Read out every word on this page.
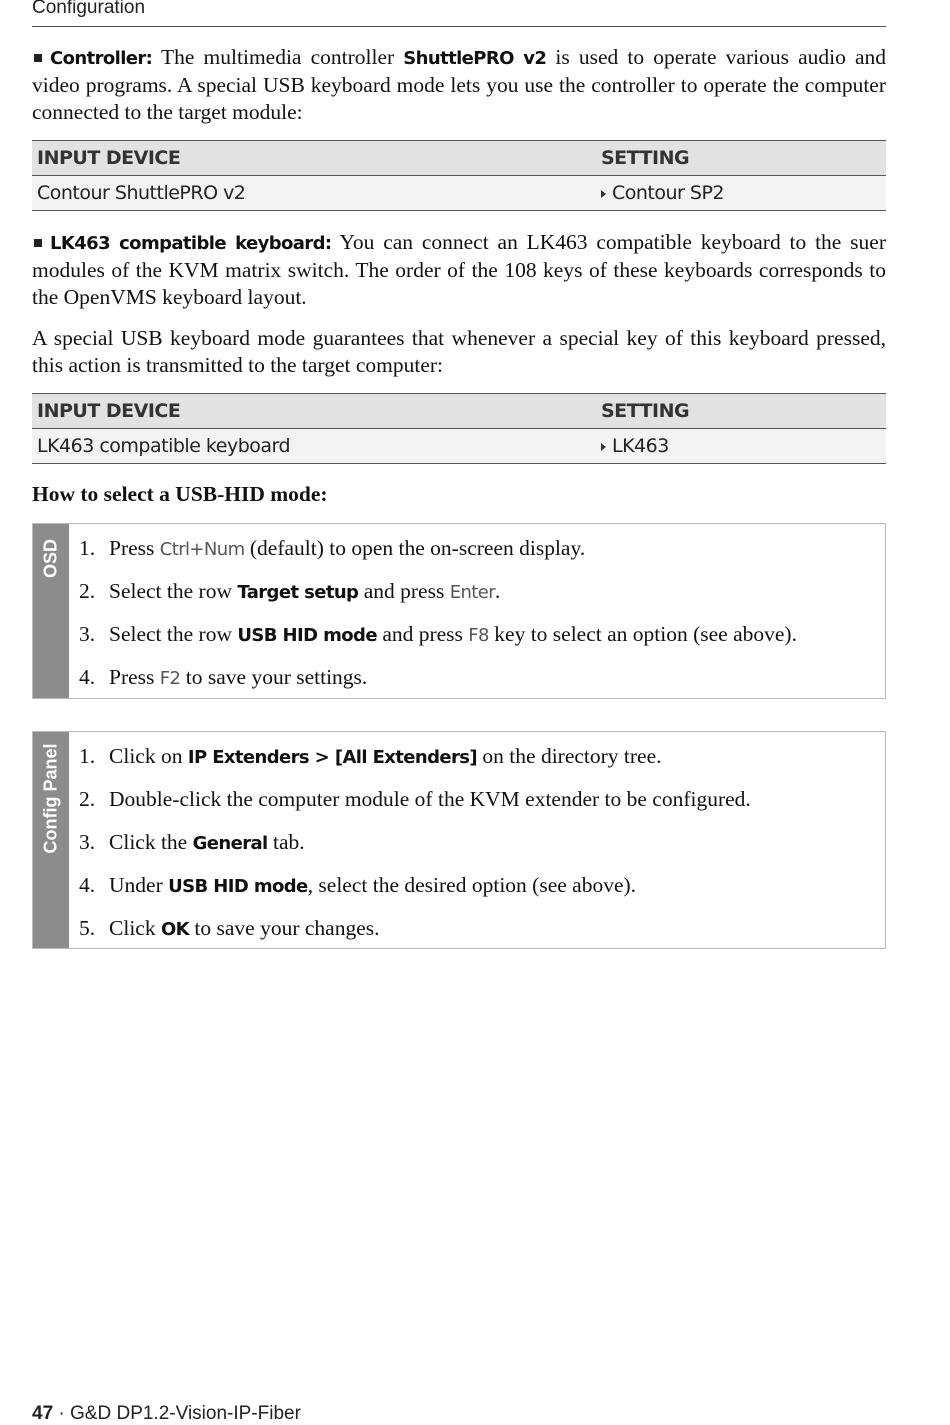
Configuration

Controller: The multimedia controller ShuttlePRO v2 is used to operate various audio and video programs. A special USB keyboard mode lets you use the controller to operate the computer connected to the target module:

INPUT DEVICE	SETTING
Contour ShuttlePRO v2	Contour SP2

LK463 compatible keyboard: You can connect an LK463 compatible keyboard to the suer modules of the KVM matrix switch. The order of the 108 keys of these keyboards corresponds to the OpenVMS keyboard layout.

A special USB keyboard mode guarantees that whenever a special key of this keyboard pressed, this action is transmitted to the target computer:

INPUT DEVICE	SETTING
LK463 compatible keyboard	LK463
How to select a USB-HID mode:
OSD 1. Press Ctrl+Num (default) to open the on-screen display.
2. Select the row Target setup and press Enter.
3. Select the row USB HID mode and press F8 key to select an option (see above).
4. Press F2 to save your settings.
Config Panel 1. Click on IP Extenders > [All Extenders] on the directory tree.
2. Double-click the computer module of the KVM extender to be configured.
3. Click the General tab.
4. Under USB HID mode, select the desired option (see above).
5. Click OK to save your changes.
47 · G&D DP1.2-Vision-IP-Fiber
